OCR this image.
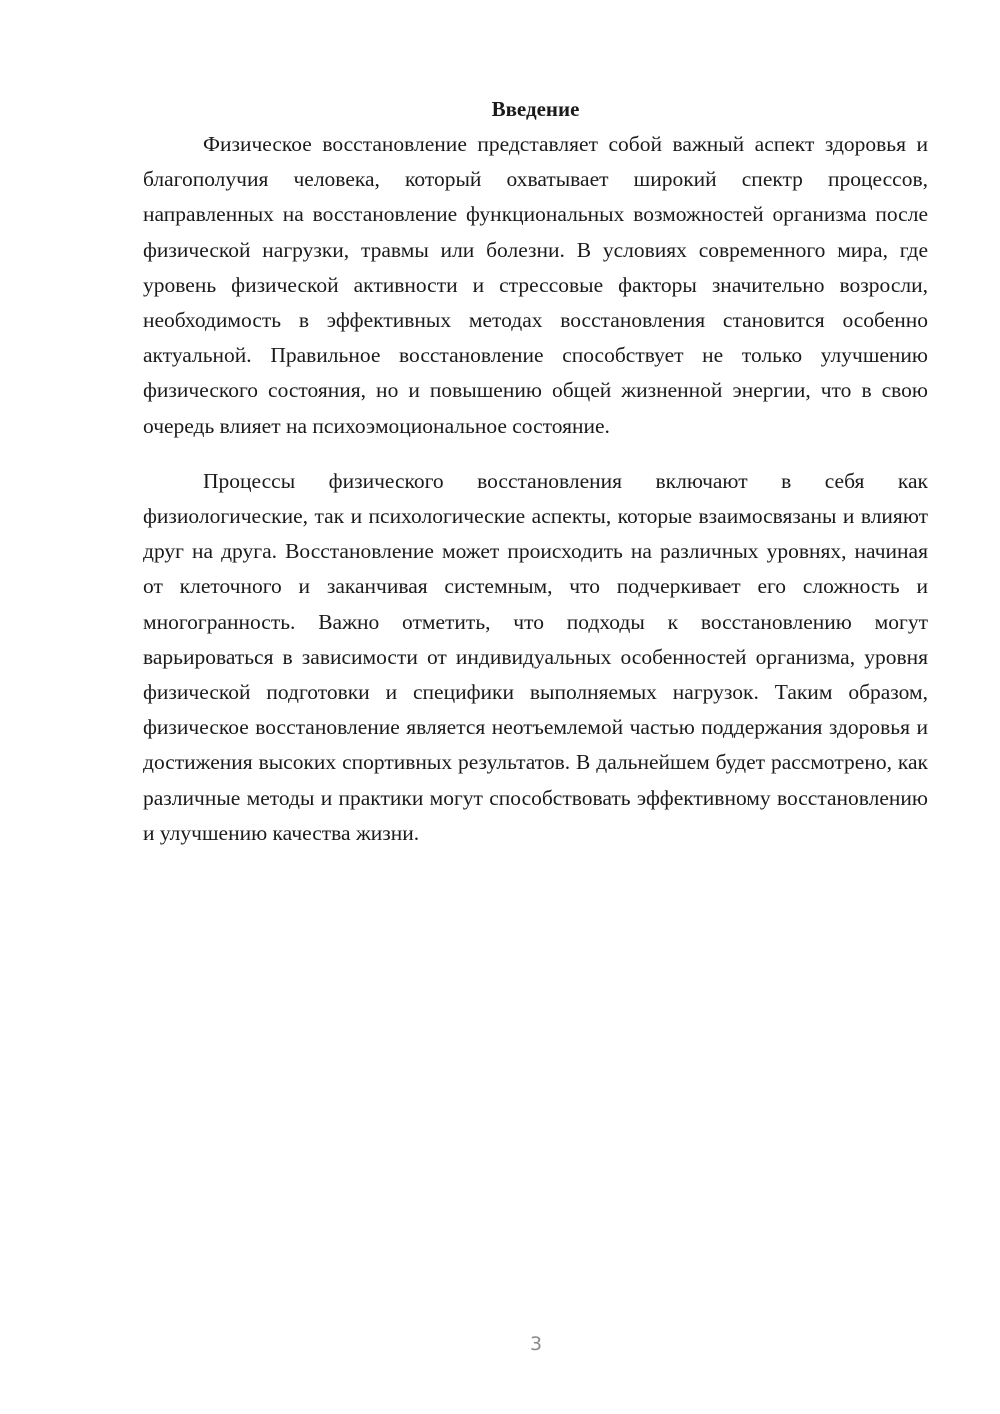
Введение

Физическое восстановление представляет собой важный аспект здоровья и благополучия человека, который охватывает широкий спектр процессов, направленных на восстановление функциональных возможностей организма после физической нагрузки, травмы или болезни. В условиях современного мира, где уровень физической активности и стрессовые факторы значительно возросли, необходимость в эффективных методах восстановления становится особенно актуальной. Правильное восстановление способствует не только улучшению физического состояния, но и повышению общей жизненной энергии, что в свою очередь влияет на психоэмоциональное состояние.

Процессы физического восстановления включают в себя как физиологические, так и психологические аспекты, которые взаимосвязаны и влияют друг на друга. Восстановление может происходить на различных уровнях, начиная от клеточного и заканчивая системным, что подчеркивает его сложность и многогранность. Важно отметить, что подходы к восстановлению могут варьироваться в зависимости от индивидуальных особенностей организма, уровня физической подготовки и специфики выполняемых нагрузок. Таким образом, физическое восстановление является неотъемлемой частью поддержания здоровья и достижения высоких спортивных результатов. В дальнейшем будет рассмотрено, как различные методы и практики могут способствовать эффективному восстановлению и улучшению качества жизни.

3
